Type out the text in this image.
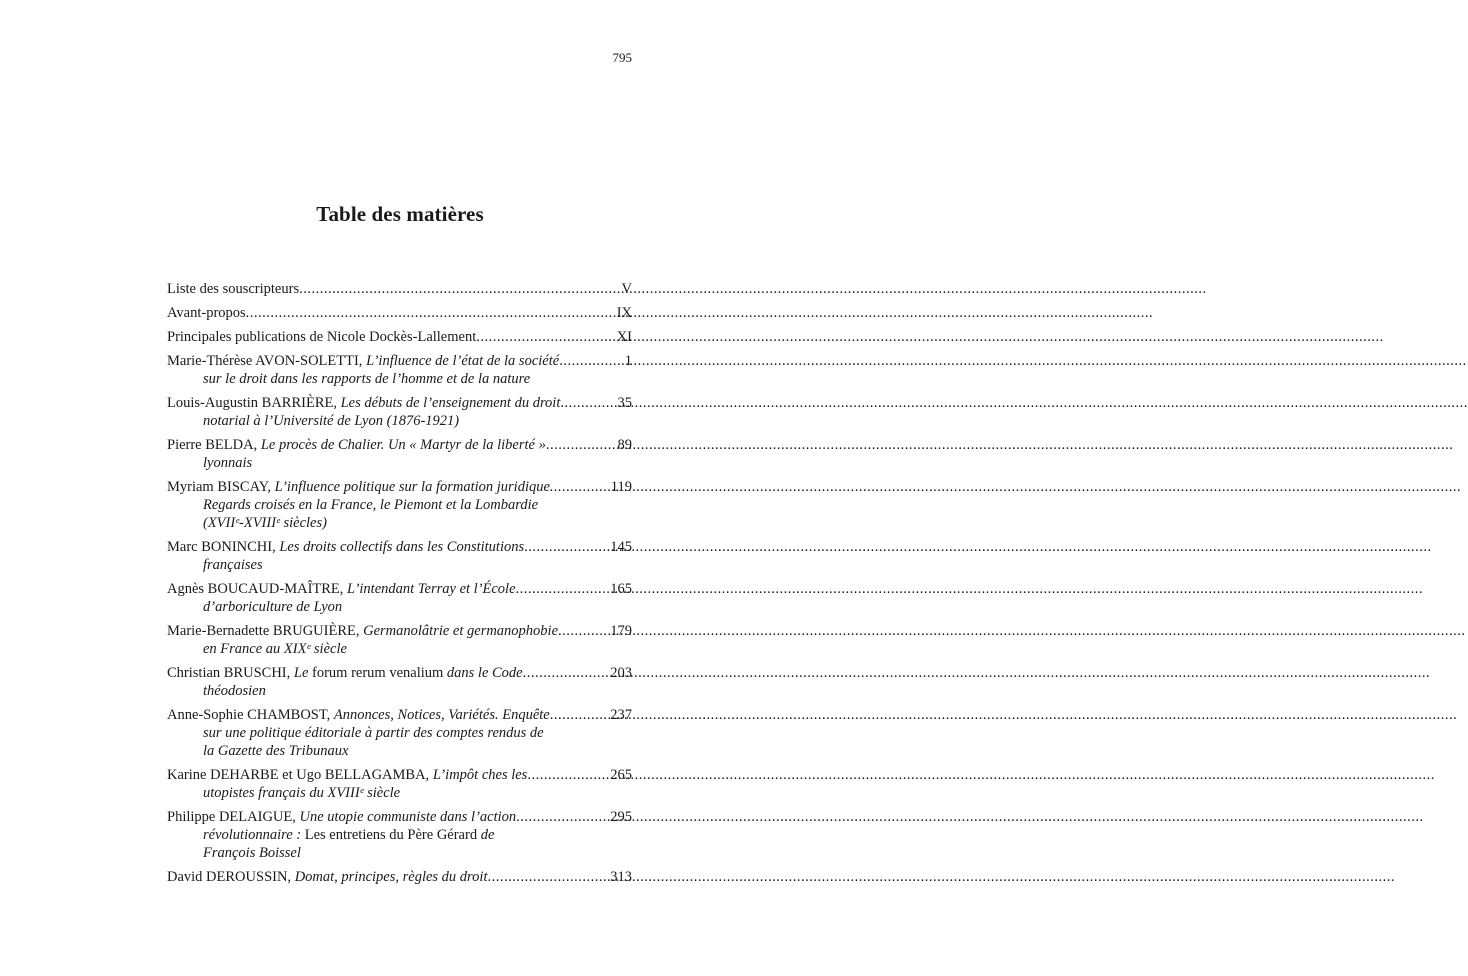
795
Table des matières
Liste des souscripteurs .....	V
Avant-propos .....	IX
Principales publications de Nicole Dockès-Lallement .....	XI
Marie-Thérèse AVON-SOLETTI, L’influence de l’état de la société .....	1
sur le droit dans les rapports de l’homme et de la nature
Louis-Augustin BARRIÈRE, Les débuts de l’enseignement du droit .....	35
notarial à l’Université de Lyon (1876-1921)
Pierre BELDA, Le procès de Chalier. Un « Martyr de la liberté » .....	89
lyonnais
Myriam BISCAY, L’influence politique sur la formation juridique. .....	119
Regards croisés en la France, le Piemont et la Lombardie
(XVIIᵉ-XVIIIᵉ siècles)
Marc BONINCHI, Les droits collectifs dans les Constitutions .....	145
françaises
Agnès BOUCAUD-MAÎTRE, L’intendant Terray et l’École .....	165
d’arboriculture de Lyon
Marie-Bernadette BRUGUIÈRE, Germanolâtrie et germanophobie .....	179
en France au XIXᵉ siècle
Christian BRUSCHI, Le forum rerum venalium dans le Code .....	203
théodosien
Anne-Sophie CHAMBOST, Annonces, Notices, Variétés. Enquête .....	237
sur une politique éditoriale à partir des comptes rendus de
la Gazette des Tribunaux
Karine DEHARBE et Ugo BELLAGAMBA, L’impôt ches les .....	265
utopistes français du XVIIIᵉ siècle
Philippe DELAIGUE, Une utopie communiste dans l’action .....	295
révolutionnaire : Les entretiens du Père Gérard de
François Boissel
David DEROUSSIN, Domat, principes, règles du droit .....	313
